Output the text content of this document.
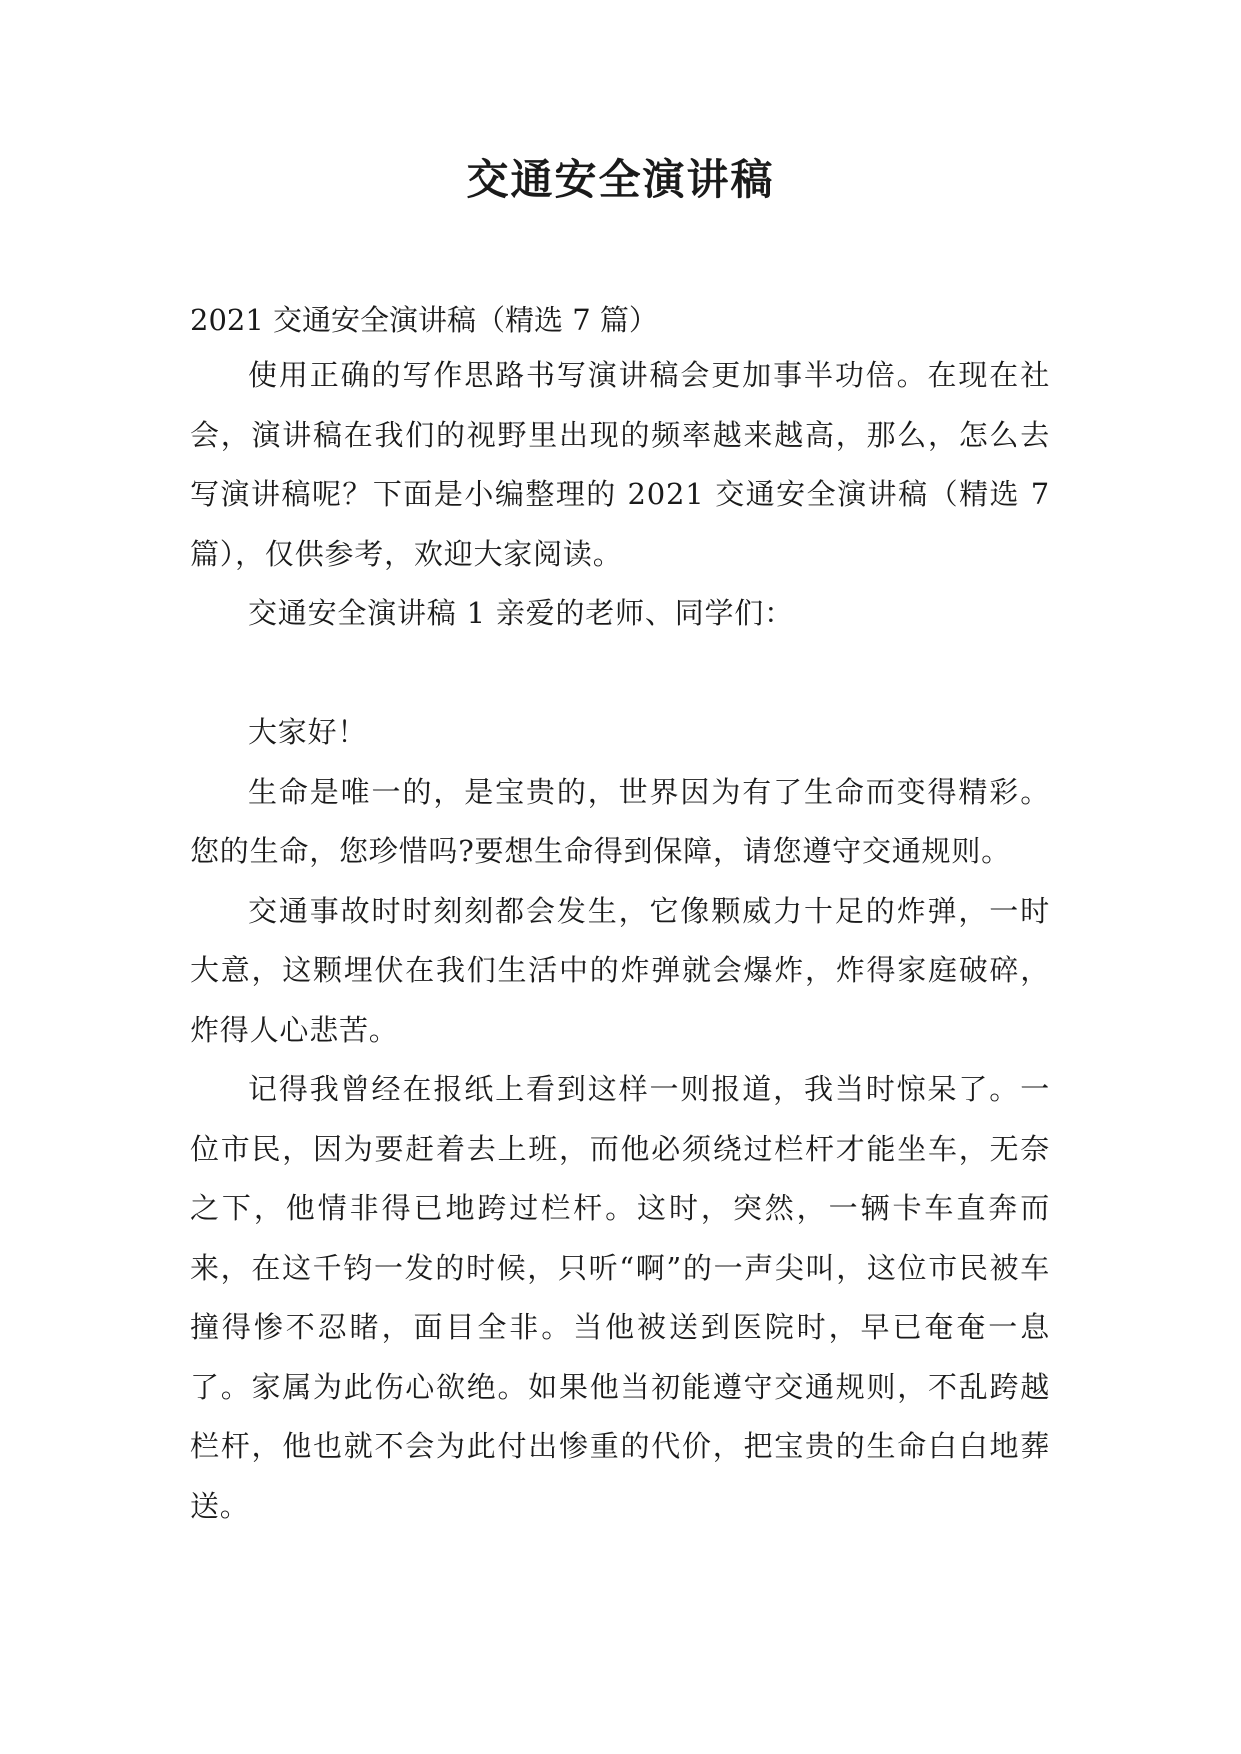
交通安全演讲稿
2021 交通安全演讲稿（精选 7 篇）

使用正确的写作思路书写演讲稿会更加事半功倍。在现在社会，演讲稿在我们的视野里出现的频率越来越高，那么，怎么去写演讲稿呢？下面是小编整理的 2021 交通安全演讲稿（精选 7 篇），仅供参考，欢迎大家阅读。

交通安全演讲稿 1 亲爱的老师、同学们：

大家好！

生命是唯一的，是宝贵的，世界因为有了生命而变得精彩。您的生命，您珍惜吗?要想生命得到保障，请您遵守交通规则。

交通事故时时刻刻都会发生，它像颗威力十足的炸弹，一时大意，这颗埋伏在我们生活中的炸弹就会爆炸，炸得家庭破碎，炸得人心悲苦。

记得我曾经在报纸上看到这样一则报道，我当时惊呆了。一位市民，因为要赶着去上班，而他必须绕过栏杆才能坐车，无奈之下，他情非得已地跨过栏杆。这时，突然，一辆卡车直奔而来，在这千钧一发的时候，只听“啊”的一声尖叫，这位市民被车撞得惨不忍睹，面目全非。当他被送到医院时，早已奄奄一息了。家属为此伤心欲绝。如果他当初能遵守交通规则，不乱跨越栏杆，他也就不会为此付出惨重的代价，把宝贵的生命白白地葬送。
